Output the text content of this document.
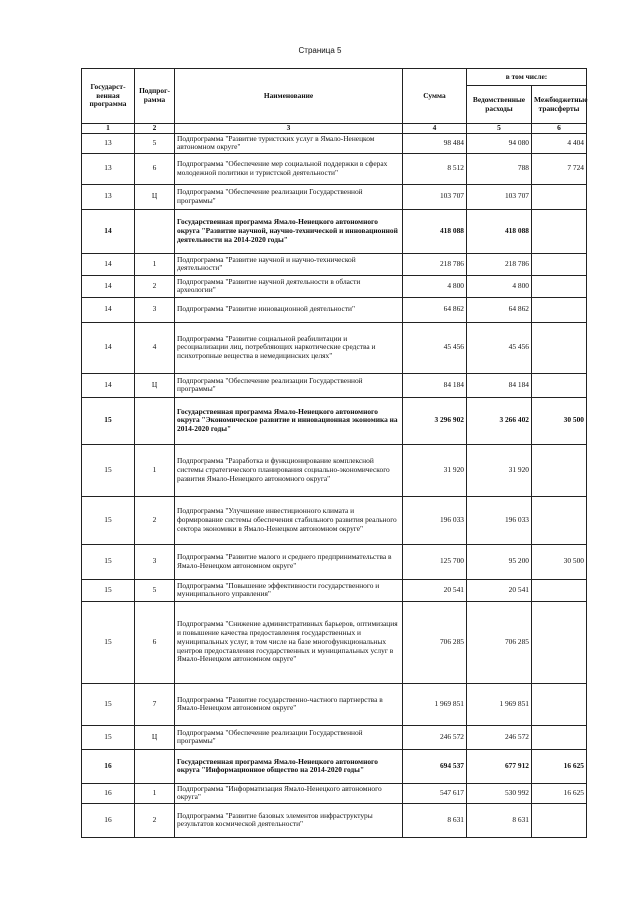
Страница 5
Государст-венная программа	Подпрог-рамма	Наименование	Сумма	в том числе:	
				Ведомственные расходы	Межбюджетные трансферты
1	2	3	4	5	6
13	5	Подпрограмма "Развитие туристских услуг в Ямало-Ненецком автономном округе"	98 484	94 080	4 404
13	6	Подпрограмма "Обеспечение мер социальной поддержки в сферах молодежной политики и туристской деятельности"	8 512	788	7 724
13	Ц	Подпрограмма "Обеспечение реализации Государственной программы"	103 707	103 707	
14		Государственная программа Ямало-Ненецкого автономного округа "Развитие научной, научно-технической и инновационной деятельности на 2014-2020 годы"	418 088	418 088	
14	1	Подпрограмма "Развитие научной и научно-технической деятельности"	218 786	218 786	
14	2	Подпрограмма "Развитие научной деятельности в области археологии"	4 800	4 800	
14	3	Подпрограмма "Развитие инновационной деятельности"	64 862	64 862	
14	4	Подпрограмма "Развитие социальной реабилитации и ресоциализации лиц, потребляющих наркотические средства и психотропные вещества в немедицинских целях"	45 456	45 456	
14	Ц	Подпрограмма "Обеспечение реализации Государственной программы"	84 184	84 184	
15		Государственная программа Ямало-Ненецкого автономного округа "Экономическое развитие и инновационная экономика на 2014-2020 годы"	3 296 902	3 266 402	30 500
15	1	Подпрограмма "Разработка и функционирование комплексной системы стратегического планирования социально-экономического развития Ямало-Ненецкого автономного округа"	31 920	31 920	
15	2	Подпрограмма "Улучшение инвестиционного климата и формирование системы обеспечения стабильного развития реального сектора экономики в Ямало-Ненецком автономном округе"	196 033	196 033	
15	3	Подпрограмма "Развитие малого и среднего предпринимательства в Ямало-Ненецком автономном округе"	125 700	95 200	30 500
15	5	Подпрограмма "Повышение эффективности государственного и муниципального управления"	20 541	20 541	
15	6	Подпрограмма "Снижение административных барьеров, оптимизация и повышение качества предоставления государственных и муниципальных услуг, в том числе на базе многофункциональных центров предоставления государственных и муниципальных услуг в Ямало-Ненецком автономном округе"	706 285	706 285	
15	7	Подпрограмма "Развитие государственно-частного партнерства в Ямало-Ненецком автономном округе"	1 969 851	1 969 851	
15	Ц	Подпрограмма "Обеспечение реализации Государственной программы"	246 572	246 572	
16		Государственная программа Ямало-Ненецкого автономного округа "Информационное общество на 2014-2020 годы"	694 537	677 912	16 625
16	1	Подпрограмма "Информатизация Ямало-Ненецкого автономного округа"	547 617	530 992	16 625
16	2	Подпрограмма "Развитие базовых элементов инфраструктуры результатов космической деятельности"	8 631	8 631	
